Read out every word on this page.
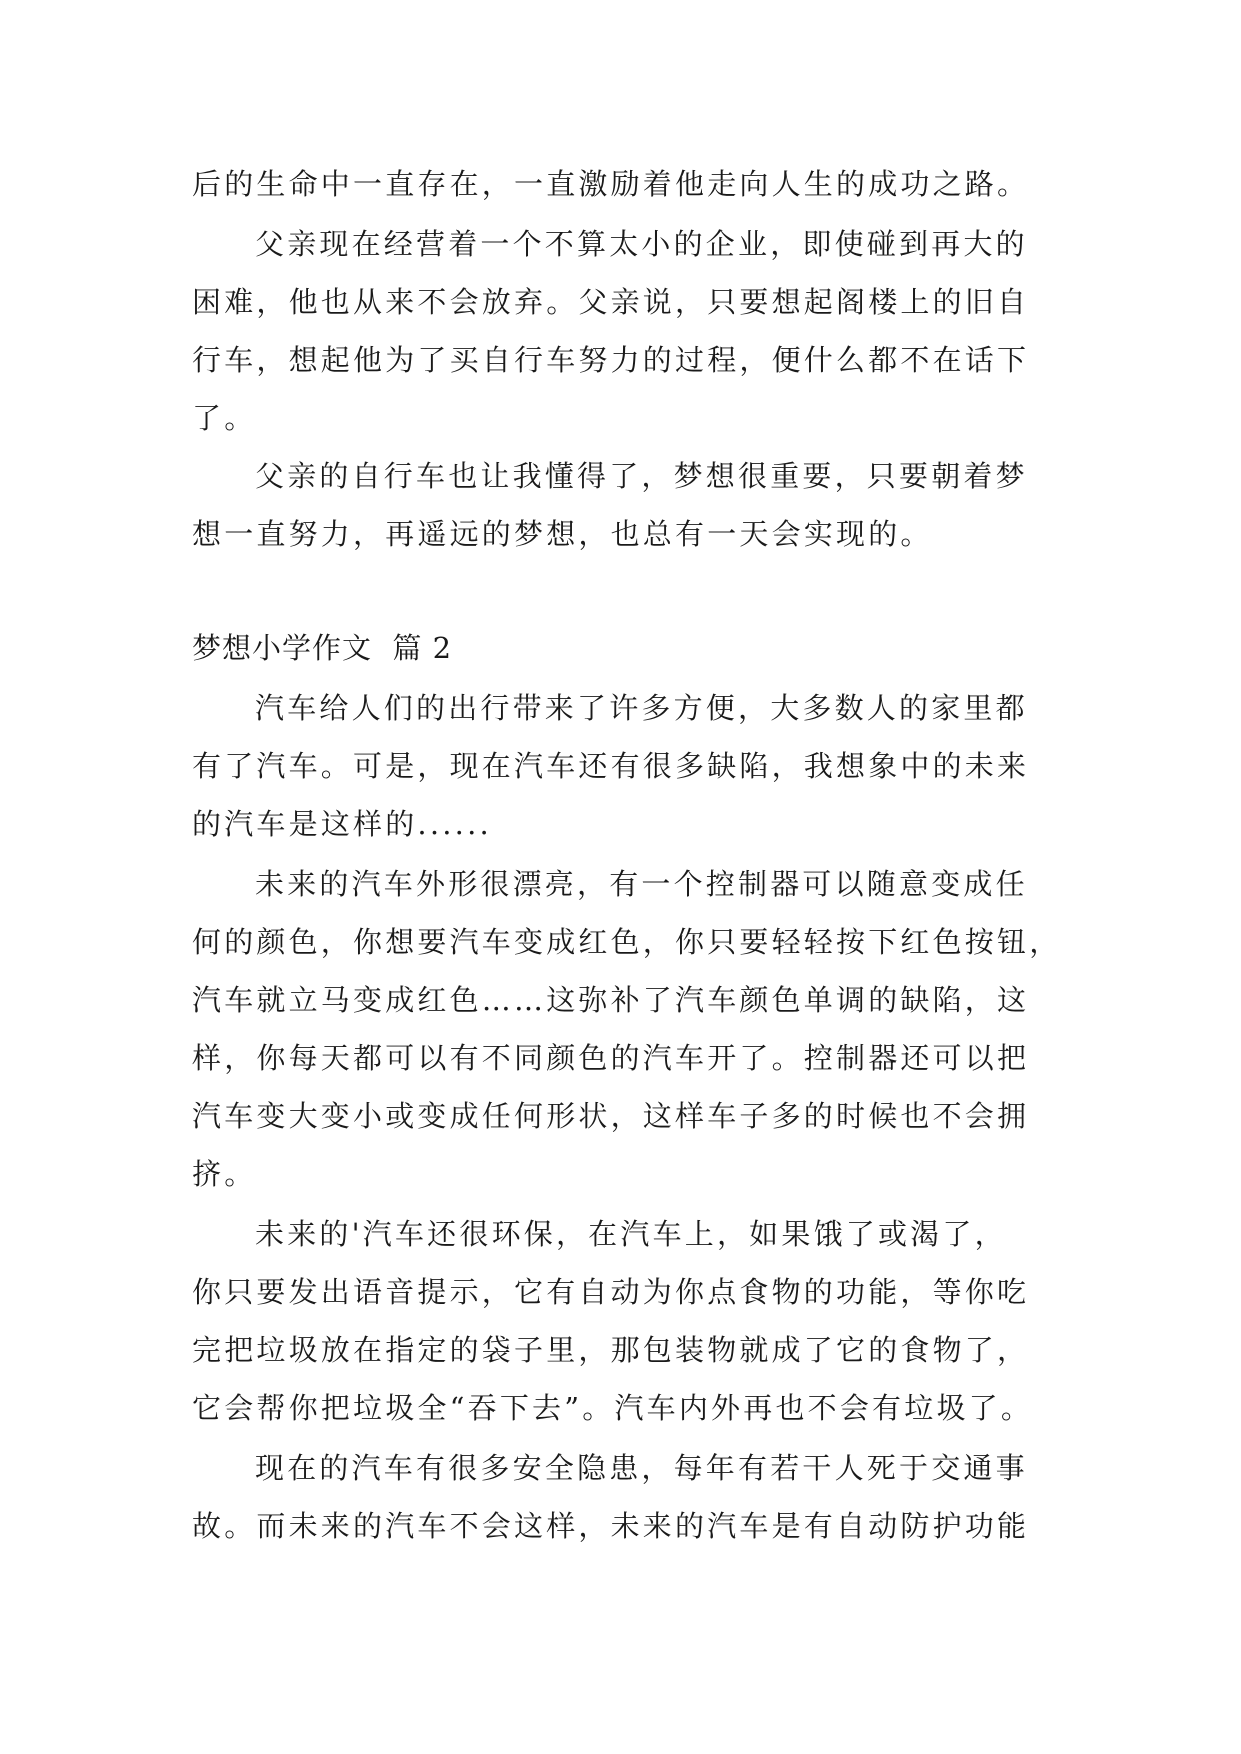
后的生命中一直存在，一直激励着他走向人生的成功之路。
父亲现在经营着一个不算太小的企业，即使碰到再大的
困难，他也从来不会放弃。父亲说，只要想起阁楼上的旧自
行车，想起他为了买自行车努力的过程，便什么都不在话下
了。
父亲的自行车也让我懂得了，梦想很重要，只要朝着梦
想一直努力，再遥远的梦想，也总有一天会实现的。
梦想小学作文  篇 2
汽车给人们的出行带来了许多方便，大多数人的家里都
有了汽车。可是，现在汽车还有很多缺陷，我想象中的未来
的汽车是这样的......
未来的汽车外形很漂亮，有一个控制器可以随意变成任
何的颜色，你想要汽车变成红色，你只要轻轻按下红色按钮，
汽车就立马变成红色……这弥补了汽车颜色单调的缺陷，这
样，你每天都可以有不同颜色的汽车开了。控制器还可以把
汽车变大变小或变成任何形状，这样车子多的时候也不会拥
挤。
未来的'汽车还很环保，在汽车上，如果饿了或渴了，
你只要发出语音提示，它有自动为你点食物的功能，等你吃
完把垃圾放在指定的袋子里，那包装物就成了它的食物了，
它会帮你把垃圾全“吞下去”。汽车内外再也不会有垃圾了。
现在的汽车有很多安全隐患，每年有若干人死于交通事
故。而未来的汽车不会这样，未来的汽车是有自动防护功能
